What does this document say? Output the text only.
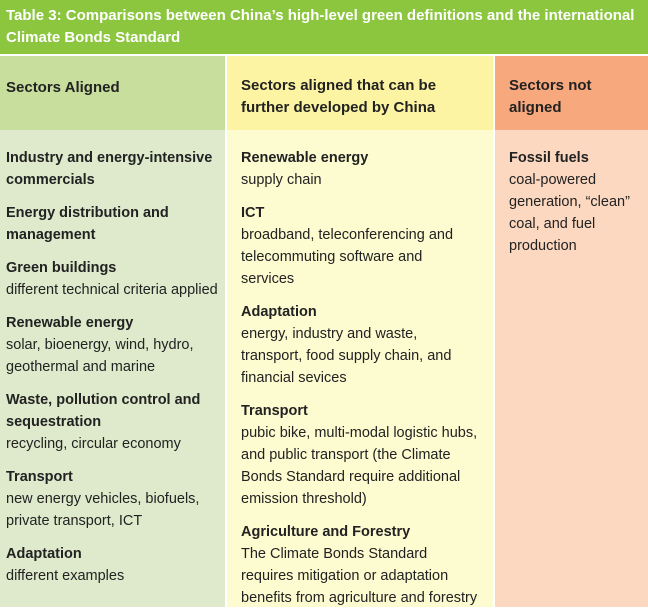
Table 3: Comparisons between China’s high-level green definitions and the international Climate Bonds Standard
Sectors Aligned
Industry and energy-intensive commercials
Energy distribution and management
Green buildings
different technical criteria applied
Renewable energy
solar, bioenergy, wind, hydro, geothermal and marine
Waste, pollution control and sequestration
recycling, circular economy
Transport
new energy vehicles, biofuels, private transport, ICT
Adaptation
different examples
Sectors aligned that can be further developed by China
Renewable energy
supply chain
ICT
broadband, teleconferencing and telecommuting software and services
Adaptation
energy, industry and waste, transport, food supply chain, and financial sevices
Transport
pubic bike, multi-modal logistic hubs, and public transport (the Climate Bonds Standard require additional emission threshold)
Agriculture and Forestry
The Climate Bonds Standard requires mitigation or adaptation benefits from agriculture and forestry
Sectors not aligned
Fossil fuels
coal-powered generation, “clean” coal, and fuel production
